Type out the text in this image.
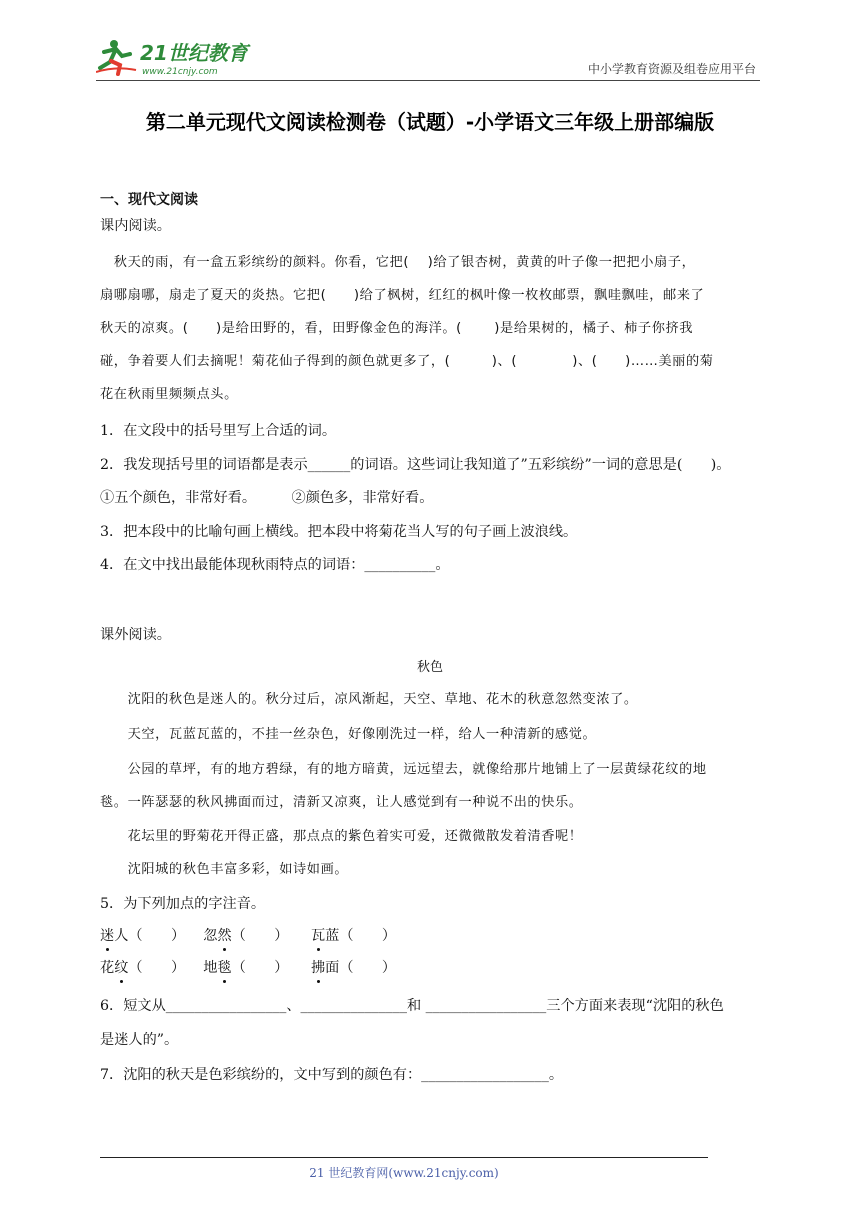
21世纪教育
www.21cnjy.com	中小学教育资源及组卷应用平台
第二单元现代文阅读检测卷（试题）-小学语文三年级上册部编版
一、现代文阅读
课内阅读。
　秋天的雨，有一盒五彩缤纷的颜料。你看，它把(　 )给了银杏树，黄黄的叶子像一把把小扇子，
扇哪扇哪，扇走了夏天的炎热。它把(　　)给了枫树，红红的枫叶像一枚枚邮票，飘哇飘哇，邮来了
秋天的凉爽。(　　)是给田野的，看，田野像金色的海洋。(　　 )是给果树的，橘子、柿子你挤我
碰，争着要人们去摘呢！菊花仙子得到的颜色就更多了，(　　　)、(　　　　)、(　　)……美丽的菊
花在秋雨里频频点头。
1．在文段中的括号里写上合适的词。
2．我发现括号里的词语都是表示______的词语。这些词让我知道了”五彩缤纷”一词的意思是(　　)。
①五个颜色，非常好看。　　　②颜色多，非常好看。
3．把本段中的比喻句画上横线。把本段中将菊花当人写的句子画上波浪线。
4．在文中找出最能体现秋雨特点的词语：__________。
课外阅读。
秋色
　　沈阳的秋色是迷人的。秋分过后，凉风渐起，天空、草地、花木的秋意忽然变浓了。
　　天空，瓦蓝瓦蓝的，不挂一丝杂色，好像刚洗过一样，给人一种清新的感觉。
　　公园的草坪，有的地方碧绿，有的地方暗黄，远远望去，就像给那片地铺上了一层黄绿花纹的地
毯。一阵瑟瑟的秋风拂面而过，清新又凉爽，让人感觉到有一种说不出的快乐。
　　花坛里的野菊花开得正盛，那点点的紫色着实可爱，还微微散发着清香呢！
　　沈阳城的秋色丰富多彩，如诗如画。
5．为下列加点的字注音。
迷人（　　） 忽然（　　） 瓦蓝（　　）
花纹（　　） 地毯（　　） 拂面（　　）
6．短文从_________________、_______________和 _________________三个方面来表现“沈阳的秋色
是迷人的”。
7．沈阳的秋天是色彩缤纷的，文中写到的颜色有：__________________。
21 世纪教育网(www.21cnjy.com)
